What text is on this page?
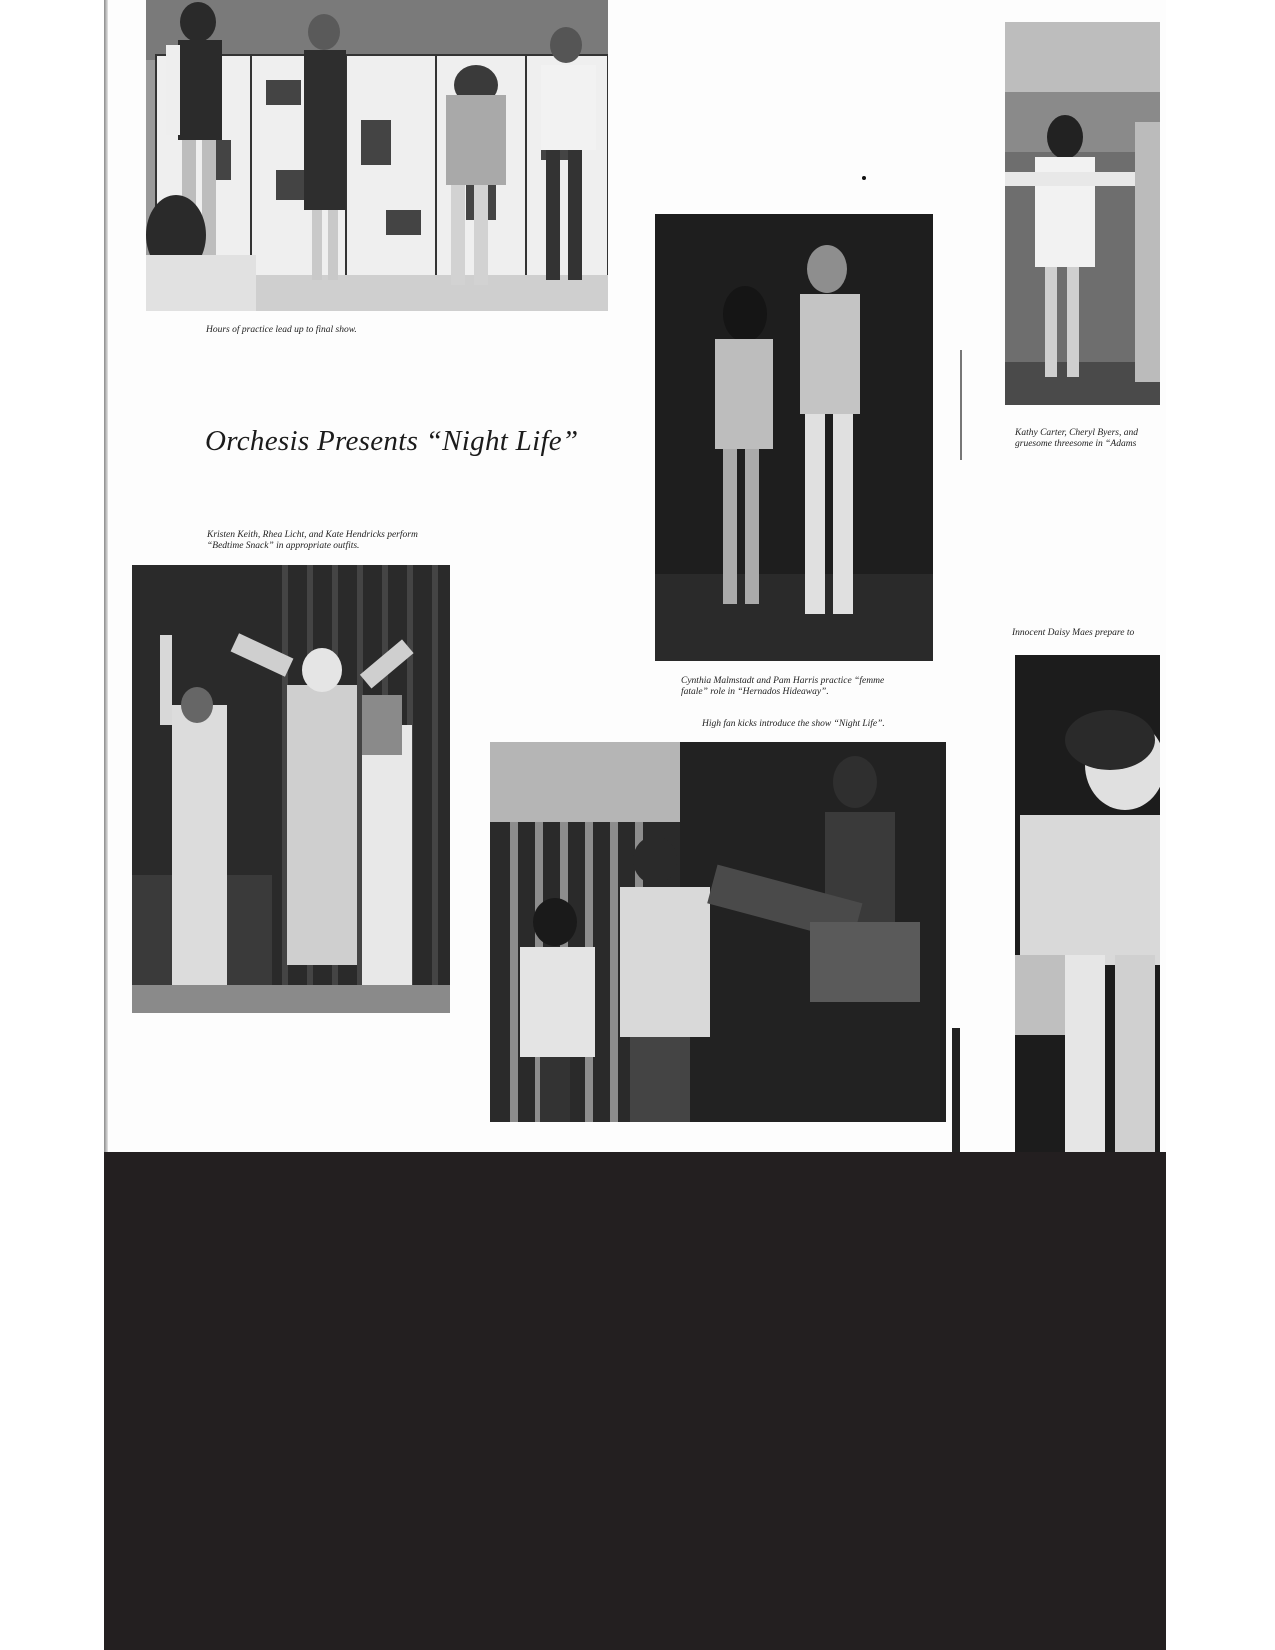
Hours of practice lead up to final show.
Orchesis Presents “Night Life”
Kristen Keith, Rhea Licht, and Kate Hendricks perform
“Bedtime Snack” in appropriate outfits.
Cynthia Malmstadt and Pam Harris practice “femme
fatale” role in “Hernados Hideaway”.
High fan kicks introduce the show “Night Life”.
Kathy Carter, Cheryl Byers, and
gruesome threesome in “Adams
Innocent Daisy Maes prepare to
